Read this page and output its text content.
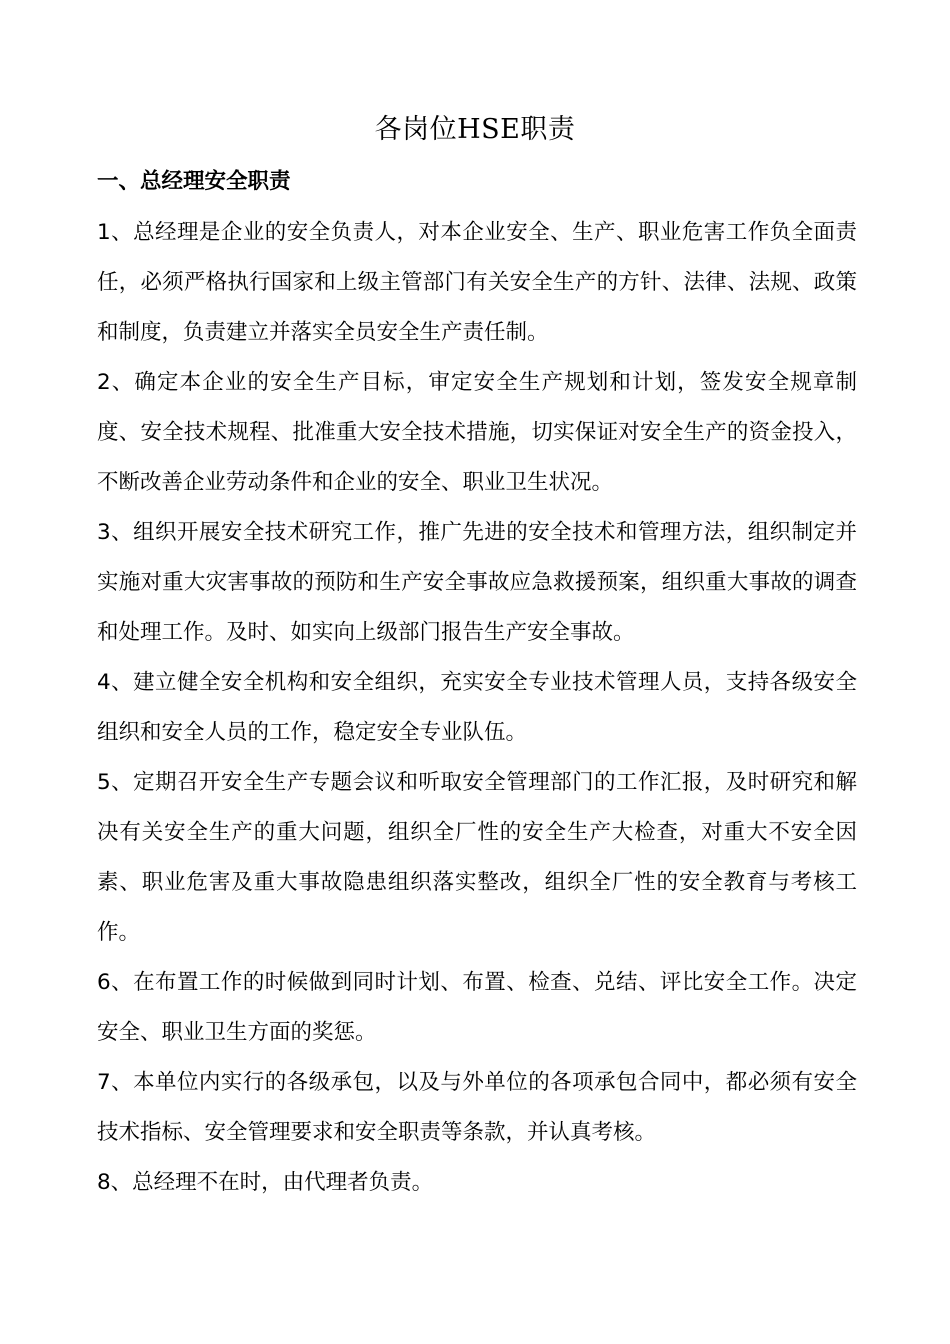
各岗位HSE职责
一、总经理安全职责

1、总经理是企业的安全负责人，对本企业安全、生产、职业危害工作负全面责任，必须严格执行国家和上级主管部门有关安全生产的方针、法律、法规、政策和制度，负责建立并落实全员安全生产责任制。

2、确定本企业的安全生产目标，审定安全生产规划和计划，签发安全规章制度、安全技术规程、批准重大安全技术措施，切实保证对安全生产的资金投入，不断改善企业劳动条件和企业的安全、职业卫生状况。

3、组织开展安全技术研究工作，推广先进的安全技术和管理方法，组织制定并实施对重大灾害事故的预防和生产安全事故应急救援预案，组织重大事故的调查和处理工作。及时、如实向上级部门报告生产安全事故。

4、建立健全安全机构和安全组织，充实安全专业技术管理人员，支持各级安全组织和安全人员的工作，稳定安全专业队伍。

5、定期召开安全生产专题会议和听取安全管理部门的工作汇报，及时研究和解决有关安全生产的重大问题，组织全厂性的安全生产大检查，对重大不安全因素、职业危害及重大事故隐患组织落实整改，组织全厂性的安全教育与考核工作。

6、在布置工作的时候做到同时计划、布置、检查、兑结、评比安全工作。决定安全、职业卫生方面的奖惩。

7、本单位内实行的各级承包，以及与外单位的各项承包合同中，都必须有安全技术指标、安全管理要求和安全职责等条款，并认真考核。

8、总经理不在时，由代理者负责。
